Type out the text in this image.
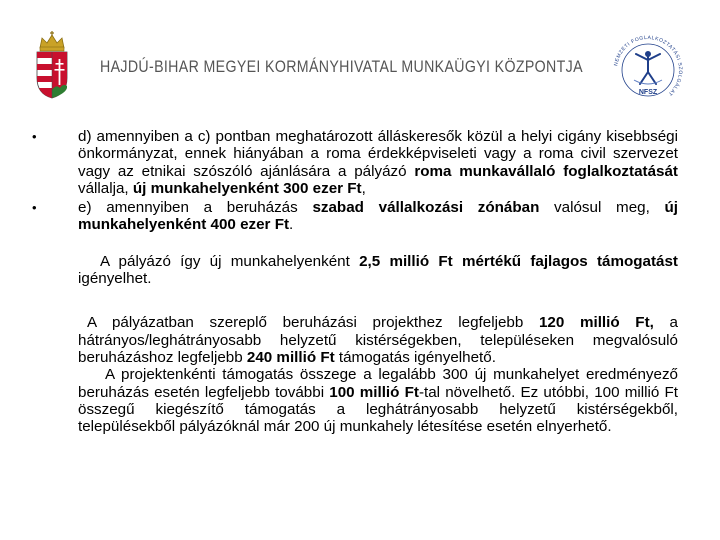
HAJDÚ-BIHAR MEGYEI KORMÁNYHIVATAL MUNKAÜGYI KÖZPONTJA	NEMZETI FOGLALKOZTATÁSI SZOLGÁLAT
NFSZ
•	d) amennyiben a c) pontban meghatározott álláskeresők közül a helyi cigány kisebbségi önkormányzat, ennek hiányában a roma érdekképviseleti vagy a roma civil szervezet vagy az etnikai szószóló ajánlására a pályázó roma munkavállaló foglalkoztatását vállalja, új munkahelyenként 300 ezer Ft,

•	e) amennyiben a beruházás szabad vállalkozási zónában valósul meg, új munkahelyenként 400 ezer Ft.

A pályázó így új munkahelyenként 2,5 millió Ft mértékű fajlagos támogatást igényelhet.

A pályázatban szereplő beruházási projekthez legfeljebb 120 millió Ft, a hátrányos/leghátrányosabb helyzetű kistérségekben, településeken megvalósuló beruházáshoz legfeljebb 240 millió Ft támogatás igényelhető.

A projektenkénti támogatás összege a legalább 300 új munkahelyet eredményező beruházás esetén legfeljebb további 100 millió Ft-tal növelhető. Ez utóbbi, 100 millió Ft összegű kiegészítő támogatás a leghátrányosabb helyzetű kistérségekből, településekből pályázóknál már 200 új munkahely létesítése esetén elnyerhető.
